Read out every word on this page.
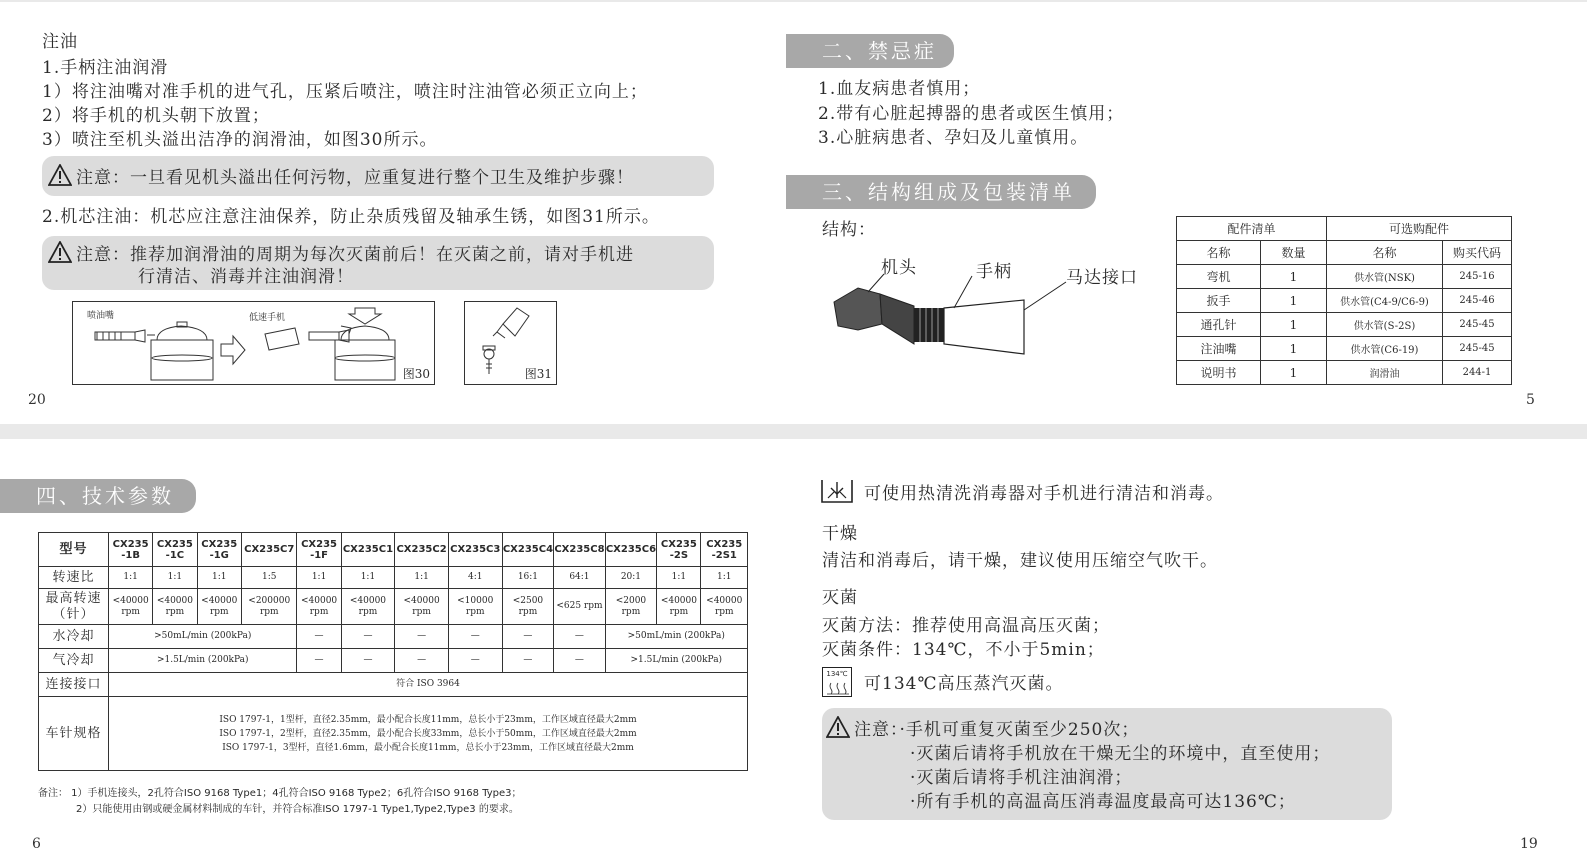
注油
1.手柄注油润滑
1）将注油嘴对准手机的进气孔，压紧后喷注，喷注时注油管必须正立向上；
2）将手机的机头朝下放置；
3）喷注至机头溢出洁净的润滑油，如图30所示。
注意：一旦看见机头溢出任何污物，应重复进行整个卫生及维护步骤！
2.机芯注油：机芯应注意注油保养，防止杂质残留及轴承生锈，如图31所示。
注意：推荐加润滑油的周期为每次灭菌前后！在灭菌之前，请对手机进
行清洁、消毒并注油润滑！
喷油嘴	低速手机
图30	图31
20
二、禁忌症
1.血友病患者慎用；
2.带有心脏起搏器的患者或医生慎用；
3.心脏病患者、孕妇及儿童慎用。
三、结构组成及包装清单
结构：
机头	手柄	马达接口
配件清单		可选购配件	
名称	数量	名称	购买代码
弯机	1	供水管(NSK)	245-16
扳手	1	供水管(C4-9/C6-9)	245-46
通孔针	1	供水管(S-2S)	245-45
注油嘴	1	供水管(C6-19)	245-45
说明书	1	润滑油	244-1
5
四、技术参数
型号	CX235 -1B	CX235 -1C	CX235 -1G	CX235C7	CX235 -1F	CX235C1	CX235C2	CX235C3	CX235C4	CX235C8	CX235C6	CX235 -2S	CX235 -2S1
转速比	1:1	1:1	1:1	1:5	1:1	1:1	1:1	4:1	16:1	64:1	20:1	1:1	1:1
最高转速（针）	<40000 rpm	<40000 rpm	<40000 rpm	<200000 rpm	<40000 rpm	<40000 rpm	<40000 rpm	<10000 rpm	<2500 rpm	<625 rpm	<2000 rpm	<40000 rpm	<40000 rpm
水冷却	>50mL/min (200kPa)				—	—	—	—	—	—	>50mL/min (200kPa)		
气冷却	>1.5L/min (200kPa)				—	—	—	—	—	—	>1.5L/min (200kPa)		
连接接口	符合 ISO 3964												
车针规格	ISO 1797-1，1型杆，直径2.35mm，最小配合长度11mm，总长小于23mm，工作区域直径最大2mm
ISO 1797-1，2型杆，直径2.35mm，最小配合长度33mm，总长小于50mm，工作区域直径最大2mm
ISO 1797-1，3型杆，直径1.6mm，最小配合长度11mm，总长小于23mm，工作区域直径最大2mm												
备注： 1）手机连接头，2孔符合ISO 9168 Type1；4孔符合ISO 9168 Type2；6孔符合ISO 9168 Type3；
2）只能使用由钢或硬金属材料制成的车针，并符合标准ISO 1797-1 Type1,Type2,Type3 的要求。
6
可使用热清洗消毒器对手机进行清洁和消毒。
干燥
清洁和消毒后，请干燥，建议使用压缩空气吹干。
灭菌
灭菌方法：推荐使用高温高压灭菌；
灭菌条件：134℃，不小于5min；
134℃ 可134℃高压蒸汽灭菌。
注意：·手机可重复灭菌至少250次；
·灭菌后请将手机放在干燥无尘的环境中，直至使用；
·灭菌后请将手机注油润滑；
·所有手机的高温高压消毒温度最高可达136℃；
19
